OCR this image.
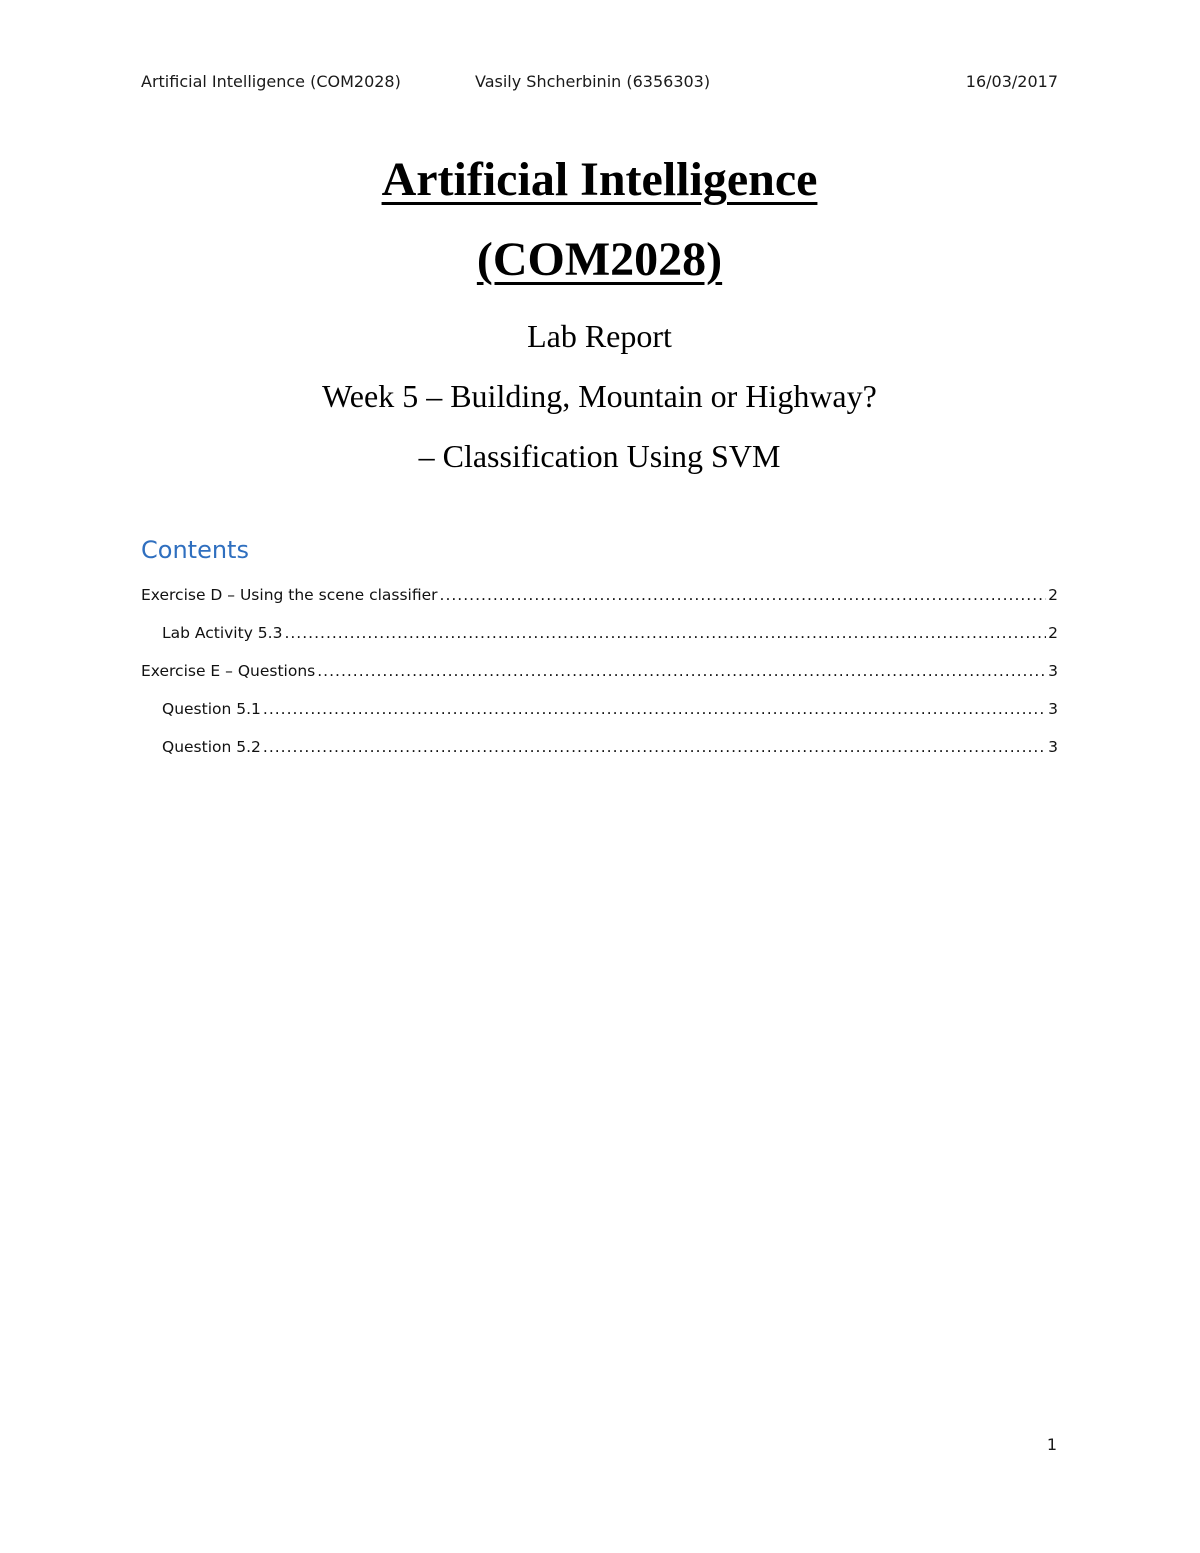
Artificial Intelligence (COM2028)	Vasily Shcherbinin (6356303)	16/03/2017

Artificial Intelligence

(COM2028)

Lab Report

Week 5 – Building, Mountain or Highway?

– Classification Using SVM

Contents
Exercise D – Using the scene classifier .....	2
Lab Activity 5.3 .....	2
Exercise E – Questions .....	3
Question 5.1 .....	3
Question 5.2 .....	3
1
